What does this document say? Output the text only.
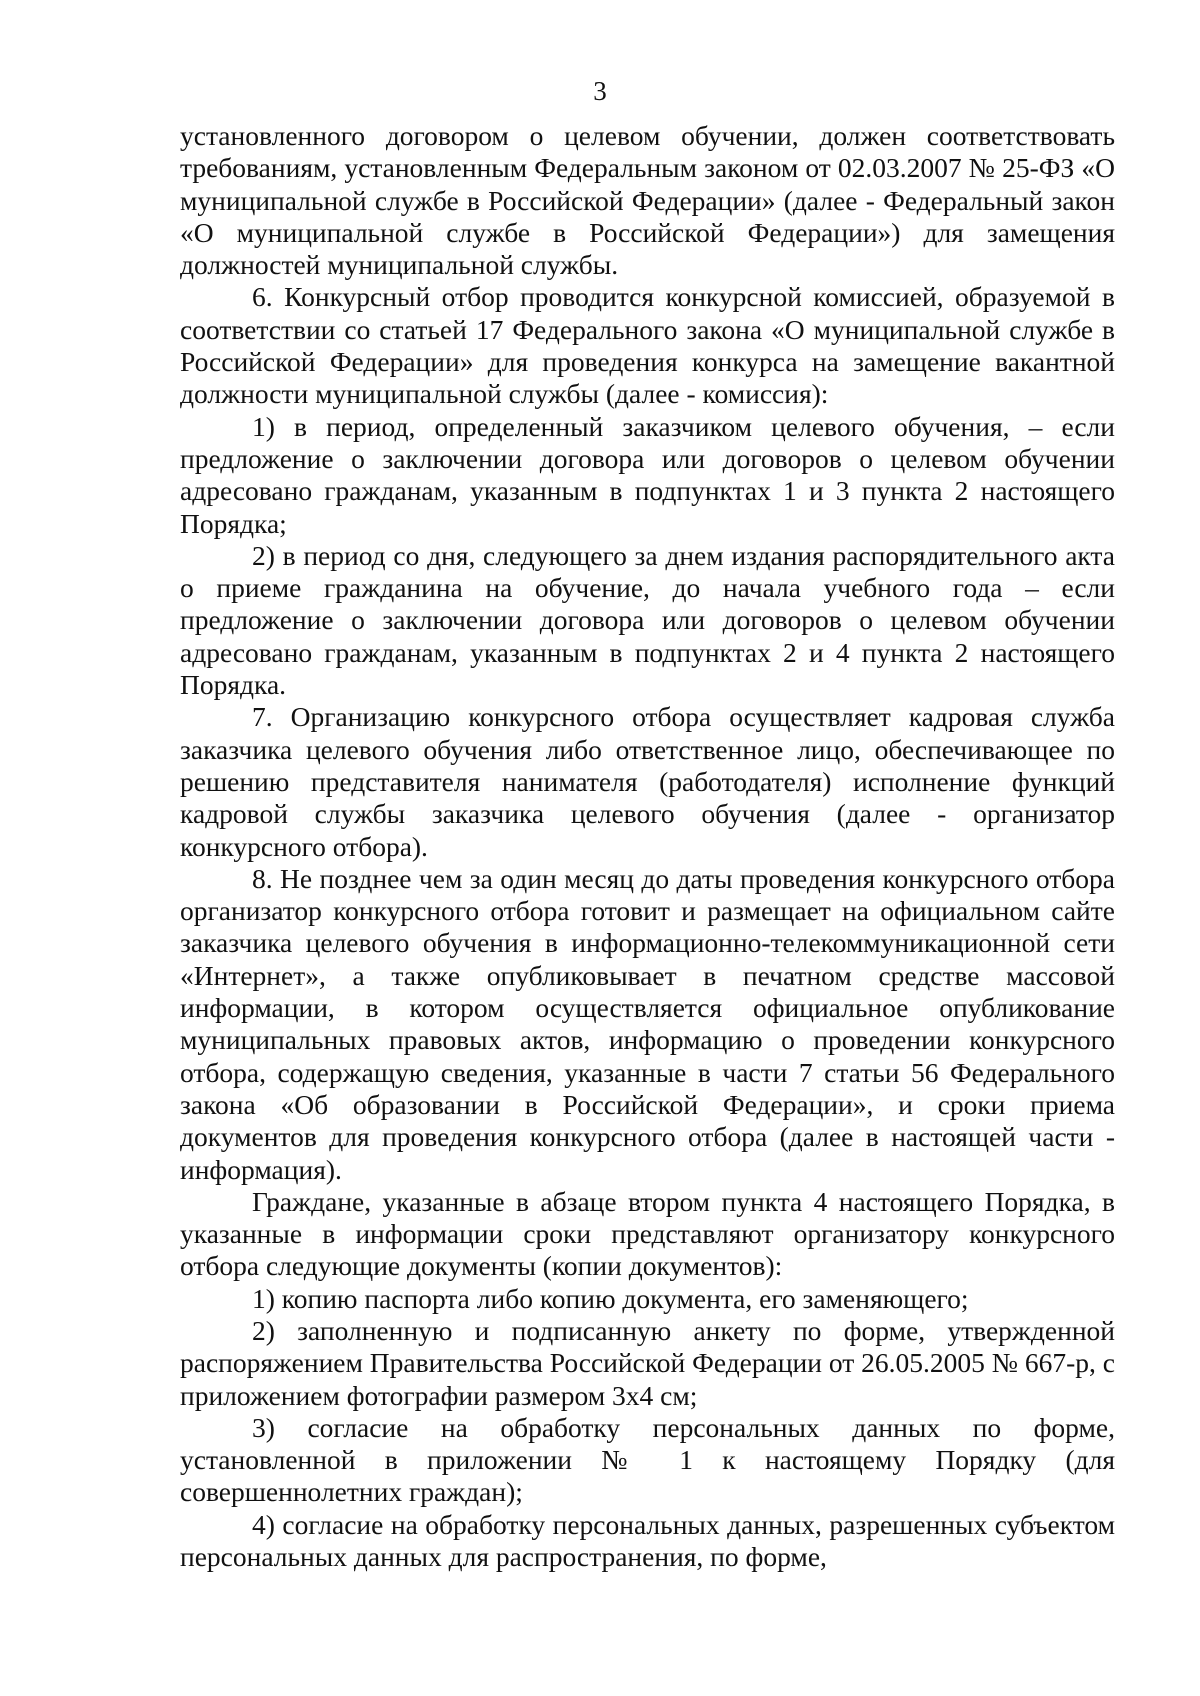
3

установленного договором о целевом обучении, должен соответствовать требованиям, установленным Федеральным законом от 02.03.2007 № 25-ФЗ «О муниципальной службе в Российской Федерации» (далее - Федеральный закон «О муниципальной службе в Российской Федерации») для замещения должностей муниципальной службы.

6. Конкурсный отбор проводится конкурсной комиссией, образуемой в соответствии со статьей 17 Федерального закона «О муниципальной службе в Российской Федерации» для проведения конкурса на замещение вакантной должности муниципальной службы (далее - комиссия):

1) в период, определенный заказчиком целевого обучения, – если предложение о заключении договора или договоров о целевом обучении адресовано гражданам, указанным в подпунктах 1 и 3 пункта 2 настоящего Порядка;

2) в период со дня, следующего за днем издания распорядительного акта о приеме гражданина на обучение, до начала учебного года – если предложение о заключении договора или договоров о целевом обучении адресовано гражданам, указанным в подпунктах 2 и 4 пункта 2 настоящего Порядка.

7. Организацию конкурсного отбора осуществляет кадровая служба заказчика целевого обучения либо ответственное лицо, обеспечивающее по решению представителя нанимателя (работодателя) исполнение функций кадровой службы заказчика целевого обучения (далее - организатор конкурсного отбора).

8. Не позднее чем за один месяц до даты проведения конкурсного отбора организатор конкурсного отбора готовит и размещает на официальном сайте заказчика целевого обучения в информационно-телекоммуникационной сети «Интернет», а также опубликовывает в печатном средстве массовой информации, в котором осуществляется официальное опубликование муниципальных правовых актов, информацию о проведении конкурсного отбора, содержащую сведения, указанные в части 7 статьи 56 Федерального закона «Об образовании в Российской Федерации», и сроки приема документов для проведения конкурсного отбора (далее в настоящей части - информация).

Граждане, указанные в абзаце втором пункта 4 настоящего Порядка, в указанные в информации сроки представляют организатору конкурсного отбора следующие документы (копии документов):

1) копию паспорта либо копию документа, его заменяющего;

2) заполненную и подписанную анкету по форме, утвержденной распоряжением Правительства Российской Федерации от 26.05.2005 № 667-р, с приложением фотографии размером 3х4 см;

3) согласие на обработку персональных данных по форме, установленной в приложении № 1 к настоящему Порядку (для совершеннолетних граждан);

4) согласие на обработку персональных данных, разрешенных субъектом персональных данных для распространения, по форме,
